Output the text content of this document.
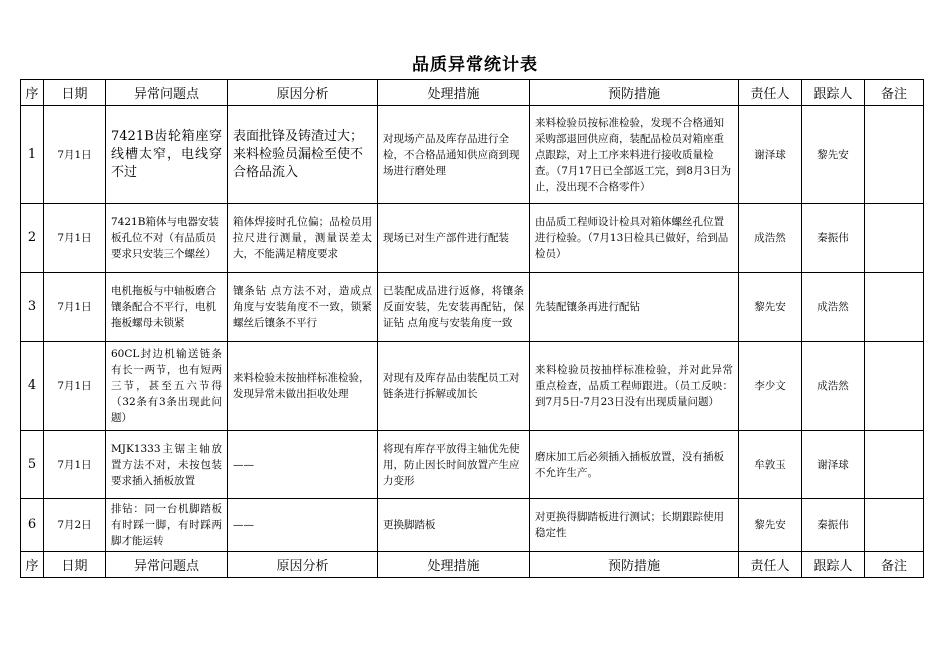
品质异常统计表
序	日期	异常问题点	原因分析	处理措施	预防措施	责任人	跟踪人	备注
1	7月1日	7421B齿轮箱座穿线槽太窄，电线穿不过	表面批锋及铸渣过大；来料检验员漏检至使不合格品流入	对现场产品及库存品进行全检，不合格品通知供应商到现场进行磨处理	来料检验员按标准检验，发现不合格通知采购部退回供应商，装配品检员对箱座重点跟踪，对上工序来料进行接收质量检查。（7月17日已全部返工完，到8月3日为止，没出现不合格零件）	谢泽球	黎先安	
2	7月1日	7421B箱体与电器安装板孔位不对（有品质员要求只安装三个螺丝）	箱体焊接时孔位偏；品检员用拉尺进行测量，测量误差太大，不能满足精度要求	现场已对生产部件进行配装	由品质工程师设计检具对箱体螺丝孔位置进行检验。（7月13日检具已做好，给到品检员）	成浩然	秦振伟	
3	7月1日	电机拖板与中轴板磨合镶条配合不平行，电机拖板螺母未锁紧	镶条钻 点方法不对，造成点角度与安装角度不一致，锁紧螺丝后镶条不平行	已装配成品进行返修，将镶条反面安装，先安装再配钻，保证钻 点角度与安装角度一致	先装配镶条再进行配钻	黎先安	成浩然	
4	7月1日	60CL封边机输送链条有长一两节，也有短两三节，甚至五六节得（32条有3条出现此问题）	来料检验未按抽样标准检验，发现异常未做出拒收处理	对现有及库存品由装配员工对链条进行拆解或加长	来料检验员按抽样标准检验，并对此异常重点检查，品质工程师跟进。（员工反映：到7月5日-7月23日没有出现质量问题）	李少文	成浩然	
5	7月1日	MJK1333主锯主轴放置方法不对，未按包装要求插入插板放置	——	将现有库存平放得主轴优先使用，防止因长时间放置产生应力变形	磨床加工后必须插入插板放置，没有插板不允许生产。	牟敦玉	谢泽球	
6	7月2日	排钻：同一台机脚踏板有时踩一脚，有时踩两脚才能运转	——	更换脚踏板	对更换得脚踏板进行测试；长期跟踪使用稳定性	黎先安	秦振伟	
序	日期	异常问题点	原因分析	处理措施	预防措施	责任人	跟踪人	备注
